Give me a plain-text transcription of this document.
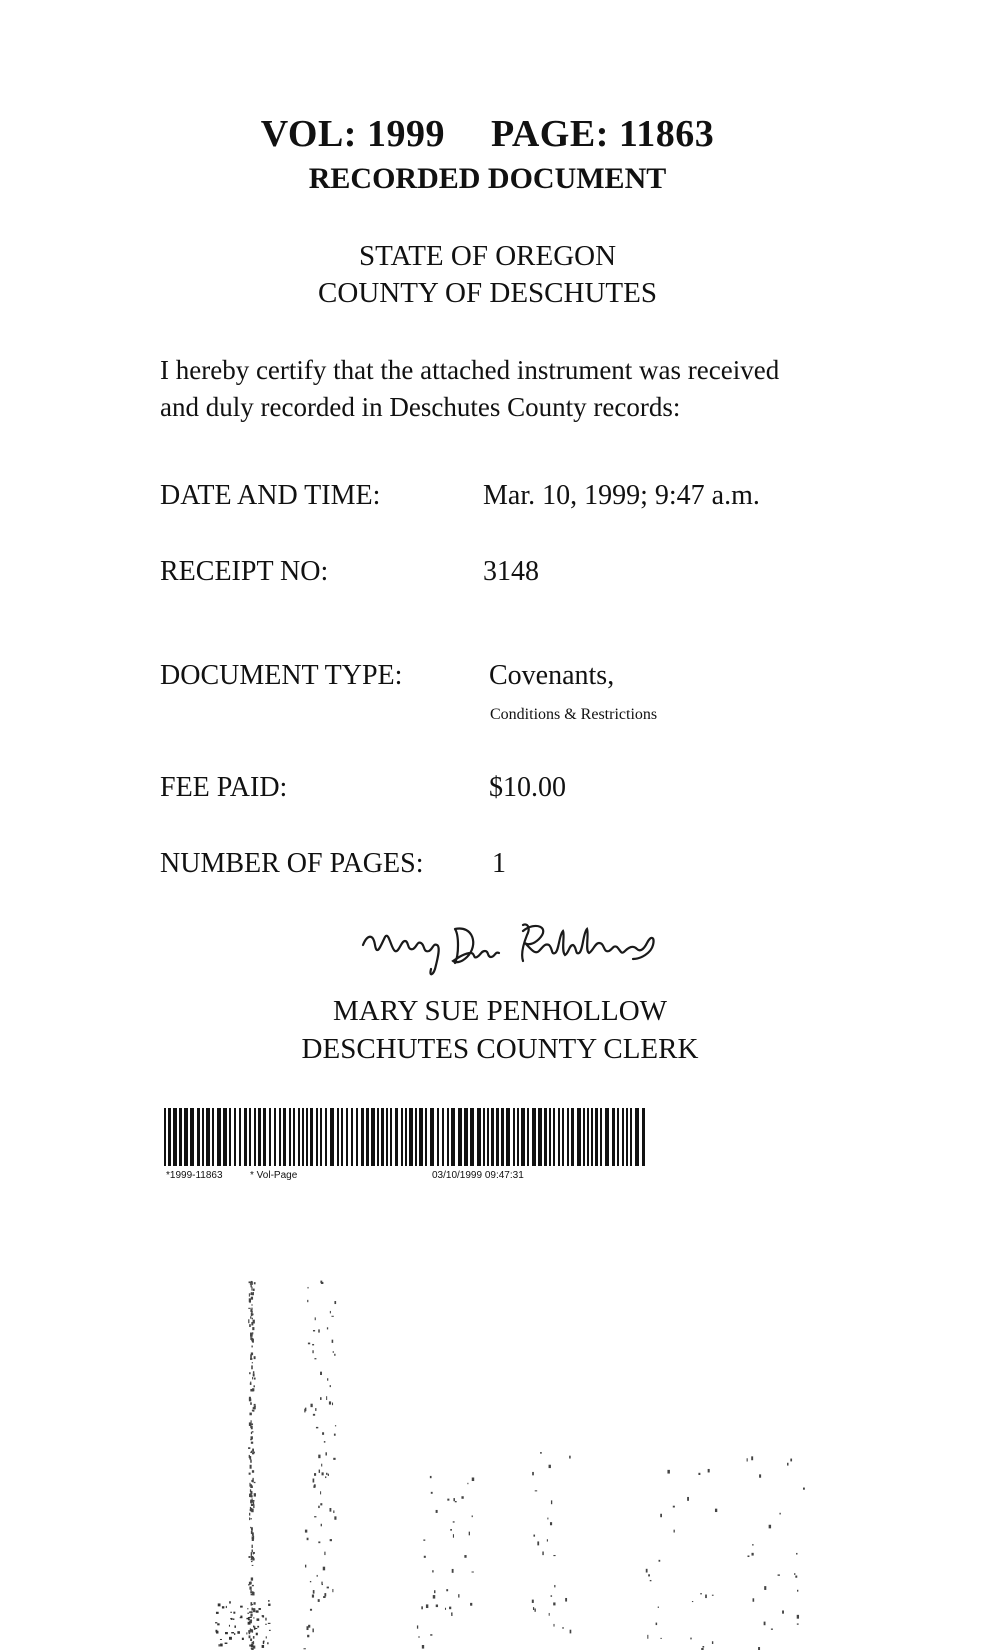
VOL: 1999 PAGE: 11863
RECORDED DOCUMENT
STATE OF OREGON
COUNTY OF DESCHUTES
I hereby certify that the attached instrument was received and duly recorded in Deschutes County records:
DATE AND TIME:	Mar. 10, 1999; 9:47 a.m.
RECEIPT NO:	3148
DOCUMENT TYPE:	Covenants,
Conditions & Restrictions
FEE PAID:	$10.00
NUMBER OF PAGES: 1
MARY SUE PENHOLLOW
DESCHUTES COUNTY CLERK
*1999-11863	* Vol-Page	03/10/1999 09:47:31
